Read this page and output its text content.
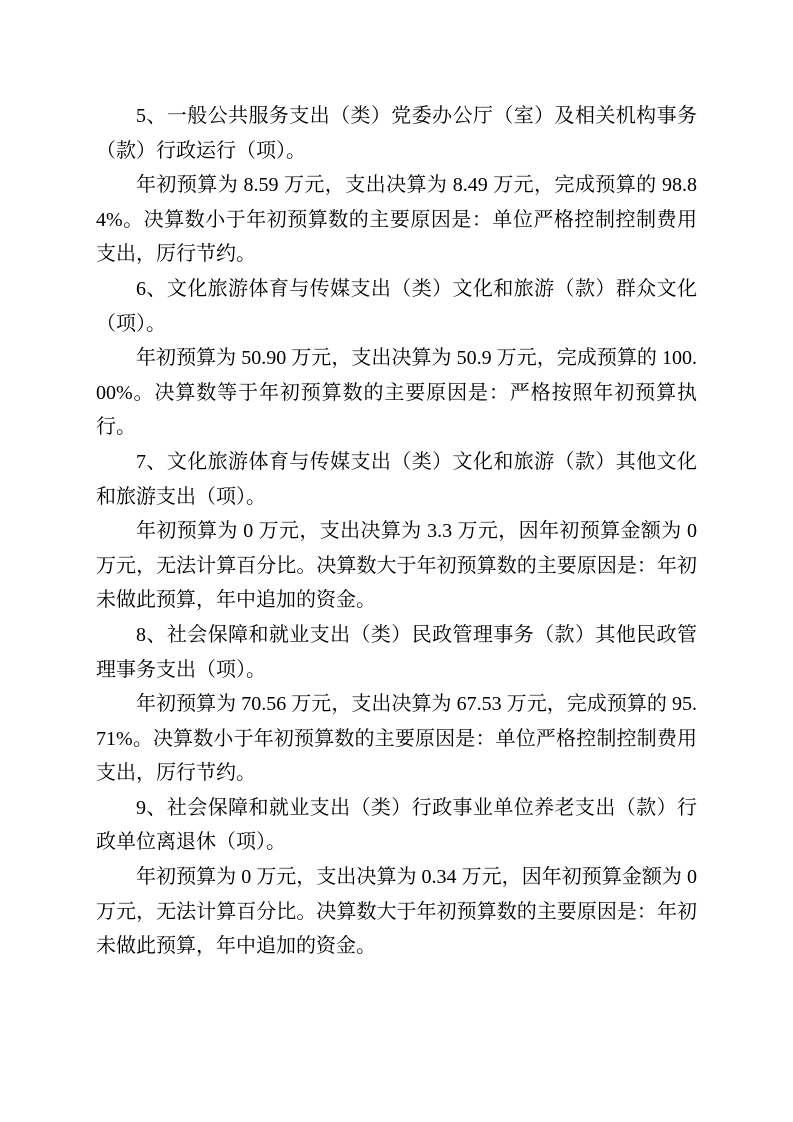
5、一般公共服务支出（类）党委办公厅（室）及相关机构事务（款）行政运行（项）。

年初预算为 8.59 万元，支出决算为 8.49 万元，完成预算的 98.84%。决算数小于年初预算数的主要原因是：单位严格控制控制费用支出，厉行节约。

6、文化旅游体育与传媒支出（类）文化和旅游（款）群众文化（项）。

年初预算为 50.90 万元，支出决算为 50.9 万元，完成预算的 100.00%。决算数等于年初预算数的主要原因是：严格按照年初预算执行。

7、文化旅游体育与传媒支出（类）文化和旅游（款）其他文化和旅游支出（项）。

年初预算为 0 万元，支出决算为 3.3 万元，因年初预算金额为 0 万元，无法计算百分比。决算数大于年初预算数的主要原因是：年初未做此预算，年中追加的资金。

8、社会保障和就业支出（类）民政管理事务（款）其他民政管理事务支出（项）。

年初预算为 70.56 万元，支出决算为 67.53 万元，完成预算的 95.71%。决算数小于年初预算数的主要原因是：单位严格控制控制费用支出，厉行节约。

9、社会保障和就业支出（类）行政事业单位养老支出（款）行政单位离退休（项）。

年初预算为 0 万元，支出决算为 0.34 万元，因年初预算金额为 0 万元，无法计算百分比。决算数大于年初预算数的主要原因是：年初未做此预算，年中追加的资金。
